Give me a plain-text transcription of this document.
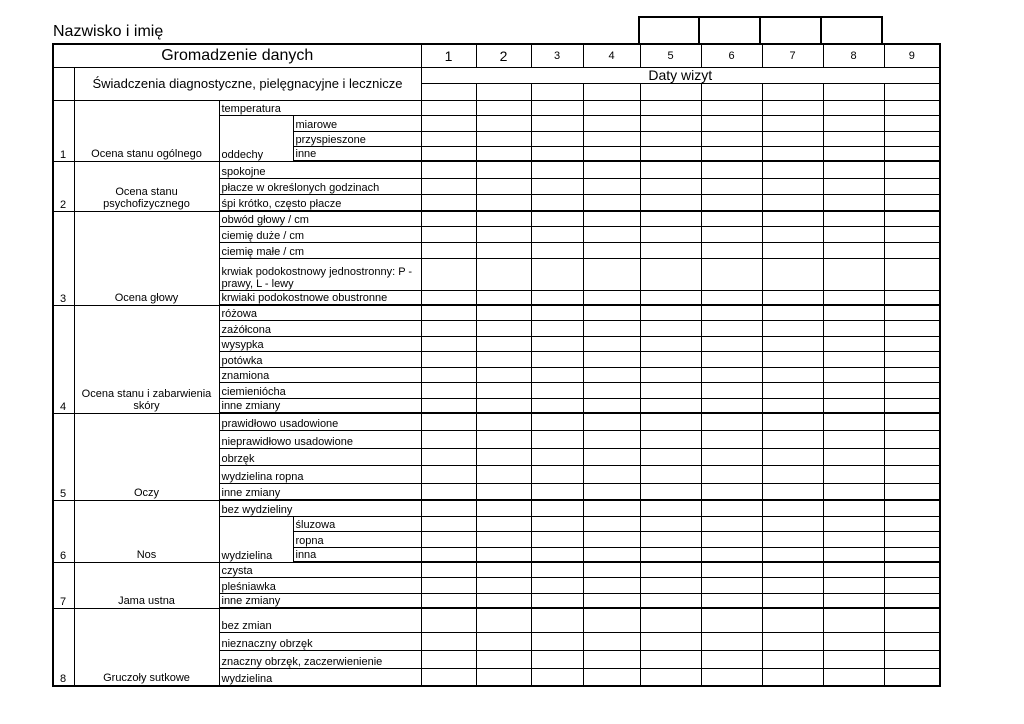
Nazwisko i imię
Gromadzenie danych				1	2	3	4	5	6	7	8	9
	Świadczenia diagnostyczne, pielęgnacyjne i lecznicze			Daty wizyt								

1	Ocena stanu ogólnego	temperatura										
		oddechy	miarowe									
			przyspieszone									
			inne									
2	Ocena stanu psychofizycznego	spokojne										
		płacze w określonych godzinach										
		śpi krótko, często płacze										
3	Ocena głowy	obwód głowy / cm										
		ciemię duże / cm										
		ciemię małe / cm										
		krwiak podokostnowy jednostronny: P - prawy, L - lewy										
		krwiaki podokostnowe obustronne										
4	Ocena stanu i zabarwienia skóry	różowa										
		zażółcona										
		wysypka										
		potówka										
		znamiona										
		ciemieniócha										
		inne zmiany										
5	Oczy	prawidłowo usadowione										
		nieprawidłowo usadowione										
		obrzęk										
		wydzielina ropna										
		inne zmiany										
6	Nos	bez wydzieliny										
		wydzielina	śluzowa									
			ropna									
			inna									
7	Jama ustna	czysta										
		pleśniawka										
		inne zmiany										
8	Gruczoły sutkowe	bez zmian										
		nieznaczny obrzęk										
		znaczny obrzęk, zaczerwienienie										
		wydzielina										
